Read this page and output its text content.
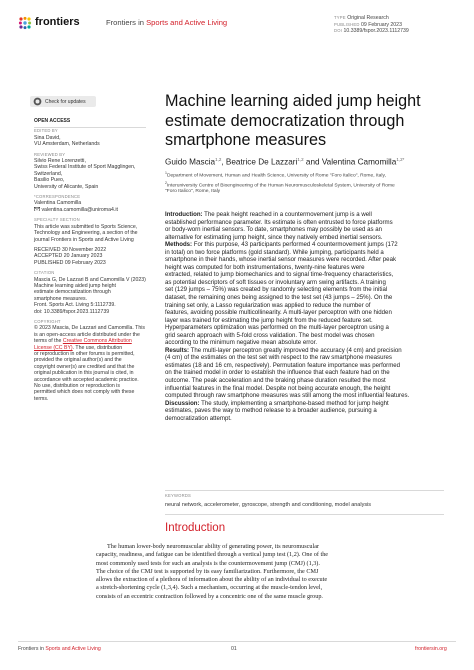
frontiers	Frontiers in Sports and Active Living
TYPE Original Research
PUBLISHED 09 February 2023
DOI 10.3389/fspor.2023.1112739
Check for updates
OPEN ACCESS
EDITED BY
Sina David,
VU Amsterdam, Netherlands
REVIEWED BY
Silvio Rene Lorenzetti,
Swiss Federal Institute of Sport Magglingen,
Switzerland,
Basilio Pueo,
University of Alicante, Spain
*CORRESPONDENCE
Valentina Camomilla
valentina.camomilla@uniroma4.it
SPECIALTY SECTION
This article was submitted to Sports Science,
Technology and Engineering, a section of the
journal Frontiers in Sports and Active Living
RECEIVED 30 November 2022
ACCEPTED 20 January 2023
PUBLISHED 09 February 2023
CITATION
Mascia G, De Lazzari B and Camomilla V (2023)
Machine learning aided jump height
estimate democratization through
smartphone measures.
Front. Sports Act. Living 5:1112739.
doi: 10.3389/fspor.2023.1112739
COPYRIGHT
© 2023 Mascia, De Lazzari and Camomilla. This
is an open-access article distributed under the
terms of the Creative Commons Attribution
License (CC BY). The use, distribution
or reproduction in other forums is permitted,
provided the original author(s) and the
copyright owner(s) are credited and that the
original publication in this journal is cited, in
accordance with accepted academic practice.
No use, distribution or reproduction is
permitted which does not comply with these
terms.
Machine learning aided jump height
estimate democratization through
smartphone measures
Guido Mascia$^{1,2}$, Beatrice De Lazzari$^{1,2}$ and Valentina Camomilla$^{1,2*}$
$^1$Department of Movement, Human and Health Science, University of Rome "Foro Italico", Rome, Italy,
$^2$Interuniversity Centre of Bioengineering of the Human Neuromusculoskeletal System, University of Rome
"Foro Italico", Rome, Italy
Introduction: The peak height reached in a countermovement jump is a well
established performance parameter. Its estimate is often entrusted to force platforms
or body-worn inertial sensors. To date, smartphones may possibly be used as an
alternative for estimating jump height, since they natively embed inertial sensors.
Methods: For this purpose, 43 participants performed 4 countermovement jumps (172
in total) on two force platforms (gold standard). While jumping, participants held a
smartphone in their hands, whose inertial sensor measures were recorded. After peak
height was computed for both instrumentations, twenty-nine features were
extracted, related to jump biomechanics and to signal time-frequency characteristics,
as potential descriptors of soft tissues or involuntary arm swing artifacts. A training
set (129 jumps – 75%) was created by randomly selecting elements from the initial
dataset, the remaining ones being assigned to the test set (43 jumps – 25%). On the
training set only, a Lasso regularization was applied to reduce the number of
features, avoiding possible multicollinearity. A multi-layer perceptron with one hidden
layer was trained for estimating the jump height from the reduced feature set.
Hyperparameters optimization was performed on the multi-layer perceptron using a
grid search approach with 5-fold cross validation. The best model was chosen
according to the minimum negative mean absolute error.
Results: The multi-layer perceptron greatly improved the accuracy (4 cm) and precision
(4 cm) of the estimates on the test set with respect to the raw smartphone measures
estimates (18 and 16 cm, respectively). Permutation feature importance was performed
on the trained model in order to establish the influence that each feature had on the
outcome. The peak acceleration and the braking phase duration resulted the most
influential features in the final model. Despite not being accurate enough, the height
computed through raw smartphone measures was still among the most influential features.
Discussion: The study, implementing a smartphone-based method for jump height
estimates, paves the way to method release to a broader audience, pursuing a
democratization attempt.
KEYWORDS
neural network, accelerometer, gyroscope, strength and conditioning, model analysis
Introduction
The human lower-body neuromuscular ability of generating power, its neuromuscular
capacity, readiness, and fatigue can be identified through a vertical jump test (1,2). One of the
most commonly used tests for such an analysis is the countermovement jump (CMJ) (1,3).
The choice of the CMJ test is supported by its easy familiarization. Furthermore, the CMJ
allows the extraction of a plethora of information about the ability of an individual to execute
a stretch-shortening cycle (1,3,4). Such a mechanism, occurring at the muscle-tendon level,
consists of an eccentric contraction followed by a concentric one of the same muscle group.
Frontiers in Sports and Active Living	01	frontiersin.org
